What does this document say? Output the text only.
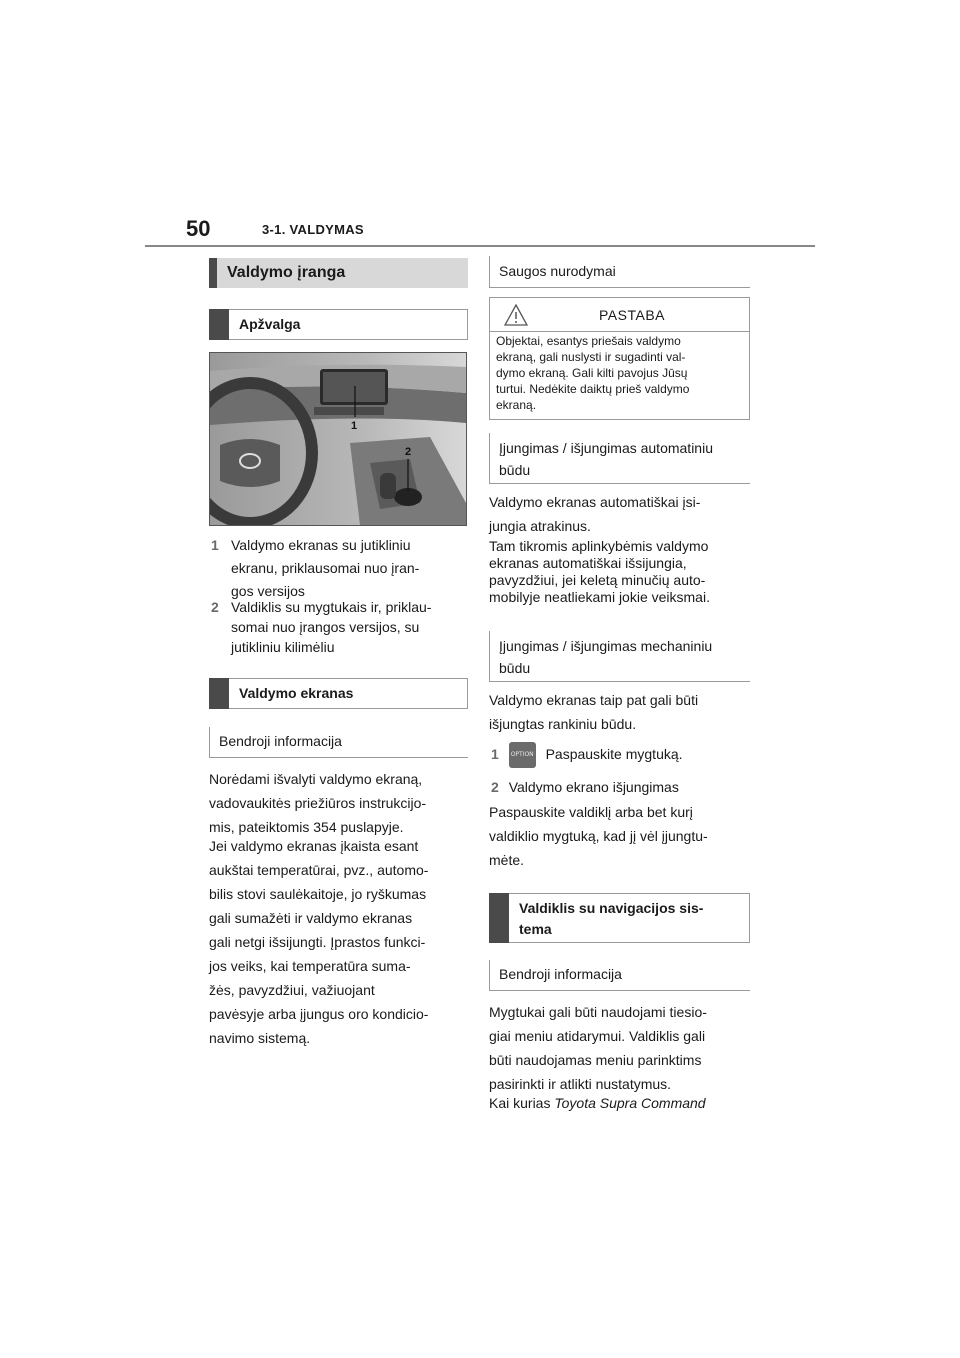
50	3-1. VALDYMAS
Valdymo įranga
Apžvalga
1
2
1 Valdymo ekranas su jutikliniu
ekranu, priklausomai nuo įran-
gos versijos
2 Valdiklis su mygtukais ir, priklau-
somai nuo įrangos versijos, su
jutikliniu kilimėliu
Valdymo ekranas
Bendroji informacija
Norėdami išvalyti valdymo ekraną,
vadovaukitės priežiūros instrukcijo-
mis, pateiktomis 354 puslapyje.
Jei valdymo ekranas įkaista esant
aukštai temperatūrai, pvz., automo-
bilis stovi saulėkaitoje, jo ryškumas
gali sumažėti ir valdymo ekranas
gali netgi išsijungti. Įprastos funkci-
jos veiks, kai temperatūra suma-
žės, pavyzdžiui, važiuojant
pavėsyje arba įjungus oro kondicio-
navimo sistemą.
Saugos nurodymai
PASTABA
Objektai, esantys priešais valdymo
ekraną, gali nuslysti ir sugadinti val-
dymo ekraną. Gali kilti pavojus Jūsų
turtui. Nedėkite daiktų prieš valdymo
ekraną.
Įjungimas / išjungimas automatiniu
būdu
Valdymo ekranas automatiškai įsi-
jungia atrakinus.
Tam tikromis aplinkybėmis valdymo
ekranas automatiškai išsijungia,
pavyzdžiui, jei keletą minučių auto-
mobilyje neatliekami jokie veiksmai.
Įjungimas / išjungimas mechaniniu
būdu
Valdymo ekranas taip pat gali būti
išjungtas rankiniu būdu.
1 OPTION Paspauskite mygtuką.
2 Valdymo ekrano išjungimas
Paspauskite valdiklį arba bet kurį
valdiklio mygtuką, kad jį vėl įjungtu-
mėte.
Valdiklis su navigacijos sis-
tema
Bendroji informacija
Mygtukai gali būti naudojami tiesio-
giai meniu atidarymui. Valdiklis gali
būti naudojamas meniu parinktims
pasirinkti ir atlikti nustatymus.
Kai kurias Toyota Supra Command
